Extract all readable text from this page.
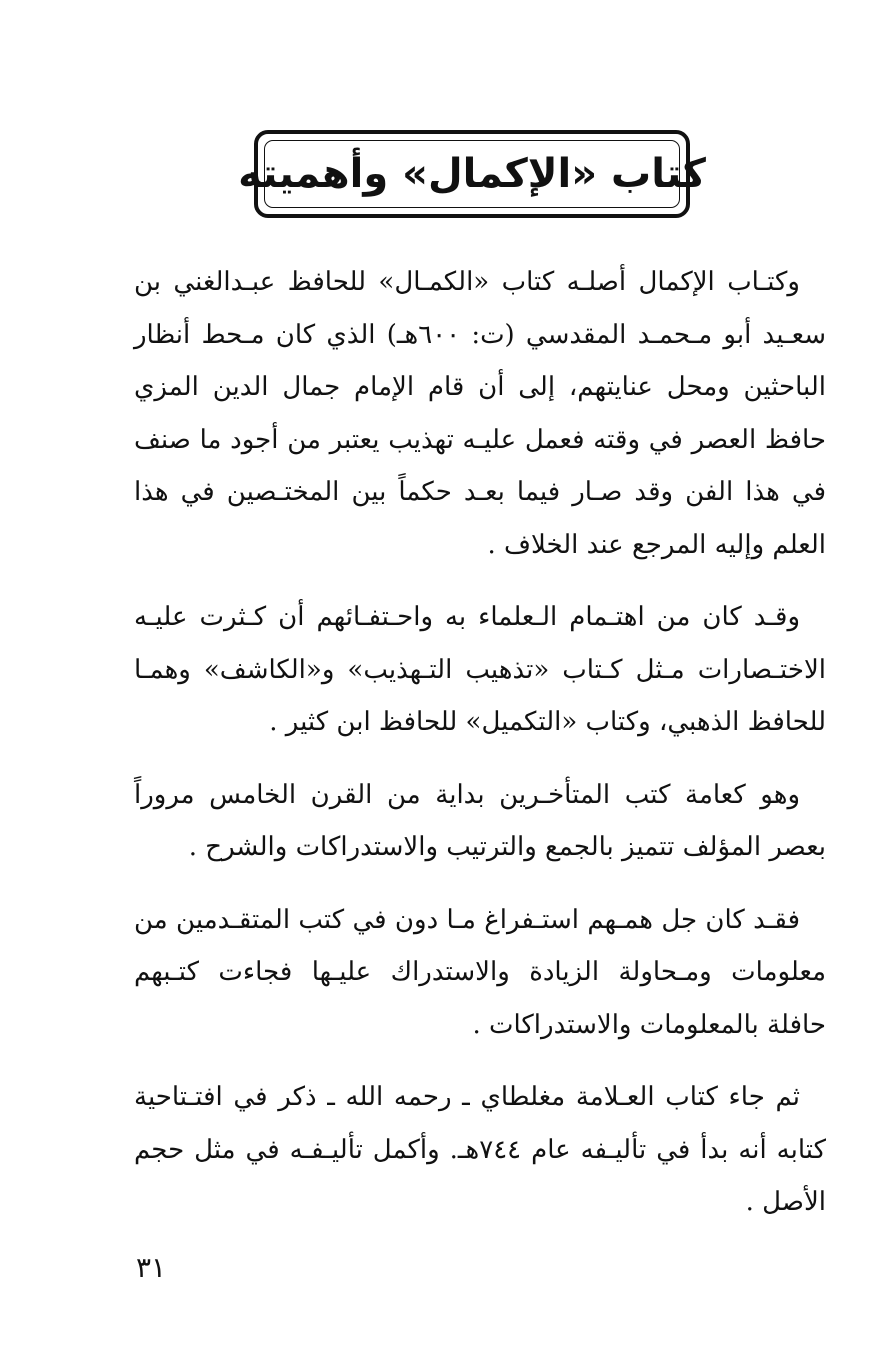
كتاب «الإكمال» وأهميته

وكتـاب الإكمال أصلـه كتاب «الكمـال» للحافظ عبـدالغني بن سعـيد أبو مـحمـد المقدسي (ت: ٦٠٠هـ) الذي كان مـحط أنظار الباحثين ومحل عنايتهم، إلى أن قام الإمام جمال الدين المزي حافظ العصر في وقته فعمل عليـه تهذيب يعتبر من أجود ما صنف في هذا الفن وقد صـار فيما بعـد حكماً بين المختـصين في هذا العلم وإليه المرجع عند الخلاف .

وقـد كان من اهتـمام الـعلماء به واحـتفـائهم أن كـثرت عليـه الاختـصارات مـثل كـتاب «تذهيب التـهذيب» و«الكاشف» وهمـا للحافظ الذهبي، وكتاب «التكميل» للحافظ ابن كثير .

وهو كعامة كتب المتأخـرين بداية من القرن الخامس مروراً بعصر المؤلف تتميز بالجمع والترتيب والاستدراكات والشرح .

فقـد كان جل همـهم استـفراغ مـا دون في كتب المتقـدمين من معلومات ومـحاولة الزيادة والاستدراك عليـها فجاءت كتـبهم حافلة بالمعلومات والاستدراكات .

ثم جاء كتاب العـلامة مغلطاي ـ رحمه الله ـ ذكر في افتـتاحية كتابه أنه بدأ في تأليـفه عام ٧٤٤هـ. وأكمل تأليـفـه في مثل حجم الأصل .

٣١
